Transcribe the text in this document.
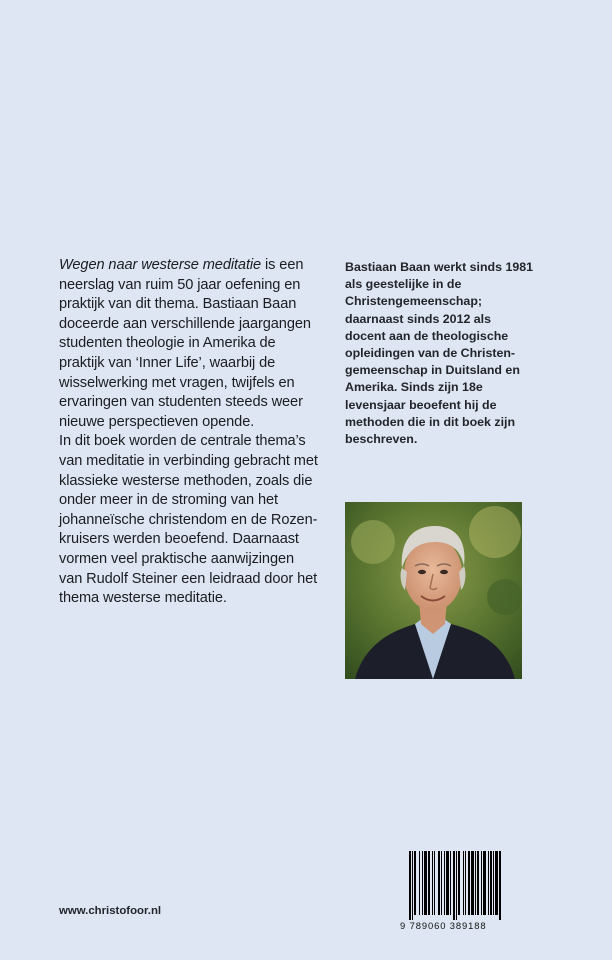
Wegen naar westerse meditatie is een neerslag van ruim 50 jaar oefening en praktijk van dit thema. Bastiaan Baan doceerde aan verschillende jaargangen studenten theologie in Amerika de praktijk van ‘Inner Life’, waarbij de wisselwerking met vragen, twijfels en ervaringen van studenten steeds weer nieuwe perspectieven opende.

In dit boek worden de centrale thema’s van meditatie in verbinding gebracht met klassieke westerse methoden, zoals die onder meer in de stroming van het johanneïsche christendom en de Rozenkruisers werden beoefend. Daarnaast vormen veel praktische aanwijzingen van Rudolf Steiner een leidraad door het thema westerse meditatie.

Bastiaan Baan werkt sinds 1981 als geestelijke in de Christengemeenschap; daarnaast sinds 2012 als docent aan de theologische opleidingen van de Christengemeenschap in Duitsland en Amerika. Sinds zijn 18e levensjaar beoefent hij de methoden die in dit boek zijn beschreven.

www.christofoor.nl
9 789060 389188
